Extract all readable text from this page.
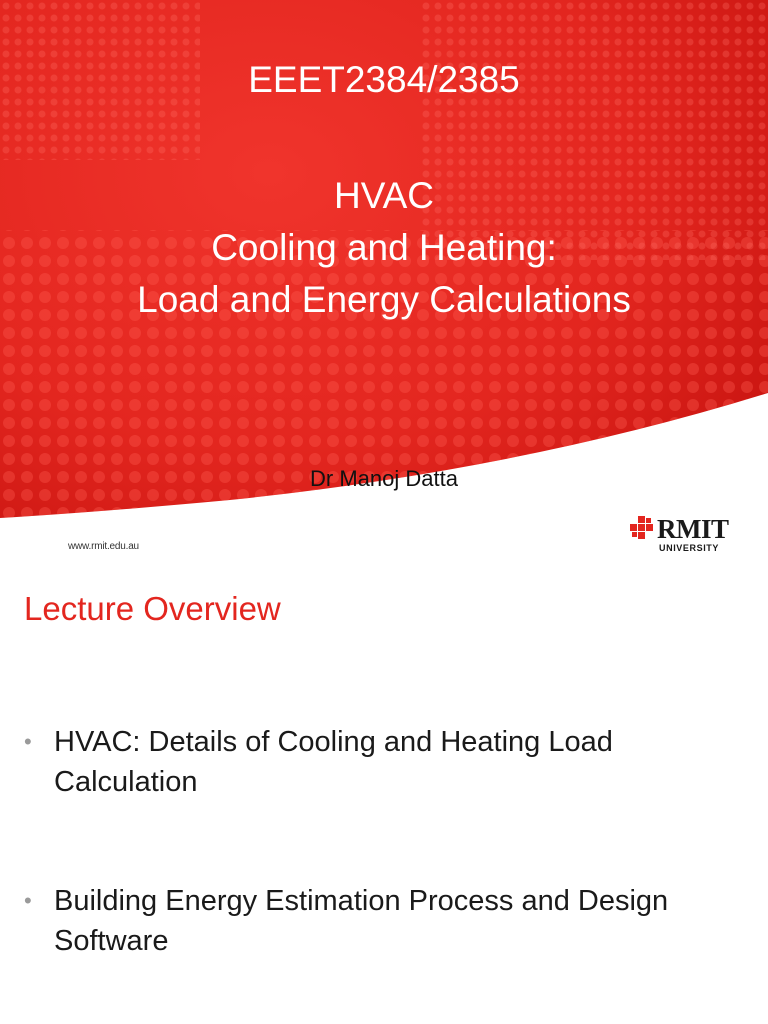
EEET2384/2385
HVAC
Cooling and Heating:
Load and Energy Calculations
Dr Manoj Datta
www.rmit.edu.au
RMIT
UNIVERSITY
Lecture Overview
• HVAC: Details of Cooling and Heating Load Calculation
• Building Energy Estimation Process and Design Software
